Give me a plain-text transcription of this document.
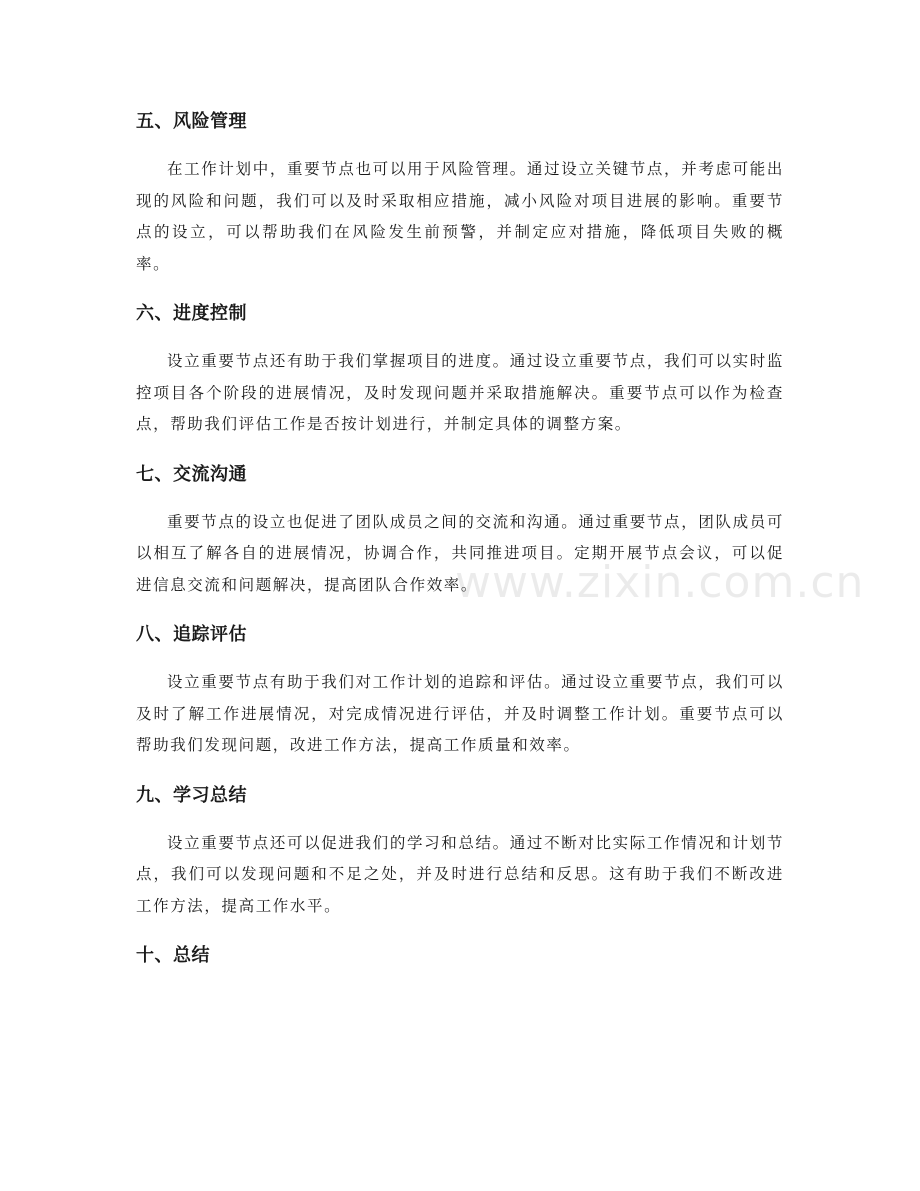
五、风险管理

在工作计划中，重要节点也可以用于风险管理。通过设立关键节点，并考虑可能出现的风险和问题，我们可以及时采取相应措施，减小风险对项目进展的影响。重要节点的设立，可以帮助我们在风险发生前预警，并制定应对措施，降低项目失败的概率。

六、进度控制

设立重要节点还有助于我们掌握项目的进度。通过设立重要节点，我们可以实时监控项目各个阶段的进展情况，及时发现问题并采取措施解决。重要节点可以作为检查点，帮助我们评估工作是否按计划进行，并制定具体的调整方案。

七、交流沟通

重要节点的设立也促进了团队成员之间的交流和沟通。通过重要节点，团队成员可以相互了解各自的进展情况，协调合作，共同推进项目。定期开展节点会议，可以促进信息交流和问题解决，提高团队合作效率。

八、追踪评估

设立重要节点有助于我们对工作计划的追踪和评估。通过设立重要节点，我们可以及时了解工作进展情况，对完成情况进行评估，并及时调整工作计划。重要节点可以帮助我们发现问题，改进工作方法，提高工作质量和效率。

九、学习总结

设立重要节点还可以促进我们的学习和总结。通过不断对比实际工作情况和计划节点，我们可以发现问题和不足之处，并及时进行总结和反思。这有助于我们不断改进工作方法，提高工作水平。

十、总结
www.zixin.com.cn
